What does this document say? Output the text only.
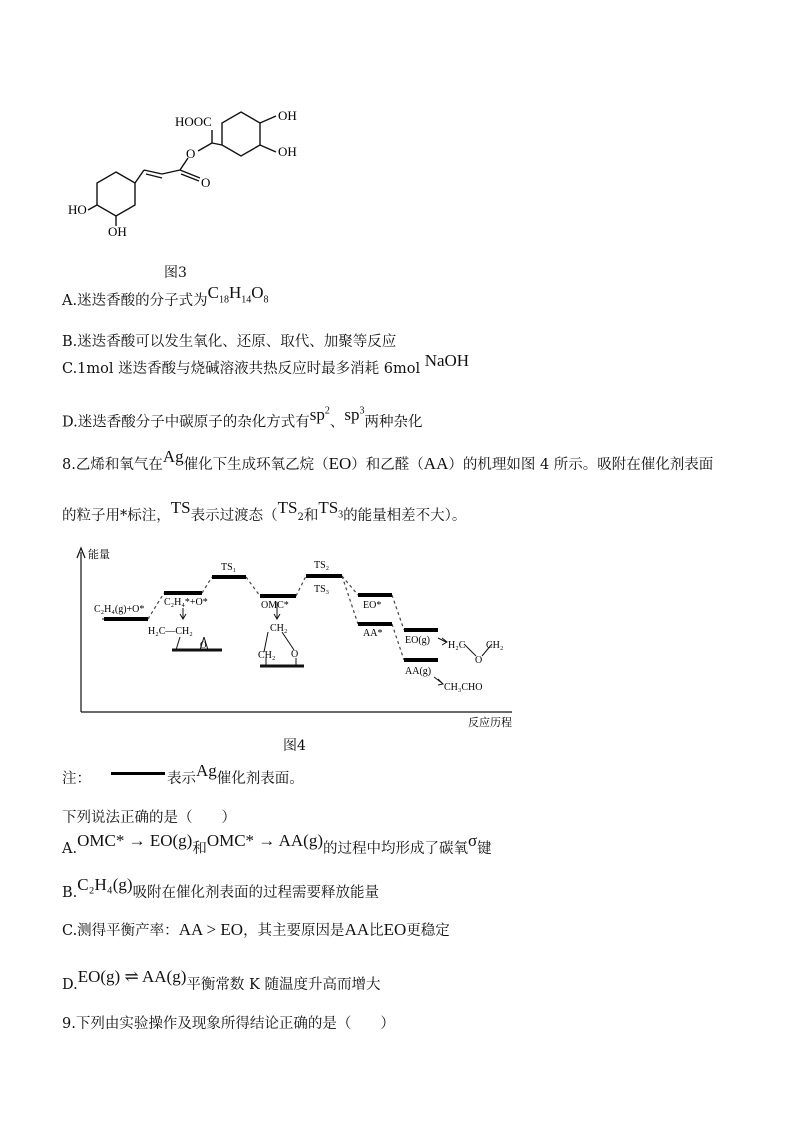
HOOC	OH
OH
O
O
HO
OH
图3
A.迷迭香酸的分子式为$C_{18}H_{14}O_8$
B.迷迭香酸可以发生氧化、还原、取代、加聚等反应
C.1mol 迷迭香酸与烧碱溶液共热反应时最多消耗 6mol NaOH
D.迷迭香酸分子中碳原子的杂化方式有$sp^2$、$sp^3$两种杂化
8.乙烯和氧气在Ag催化下生成环氧乙烷（EO）和乙醛（AA）的机理如图 4 所示。吸附在催化剂表面
的粒子用*标注，TS表示过渡态（TS2和$TS_3$的能量相差不大）。
能量
反应历程
C₂H₄(g)+O*
C₂H₄*+O*
TS₁
OMC*
TS₂
TS₃
EO*
AA*
EO(g)
AA(g)
H₂C—CH₂
O
CH₂
CH₂ O
H₂C
O
CH₂
CH₃CHO
图4
注：	表示Ag催化剂表面。
下列说法正确的是（　　）
A.OMC* → EO(g)和OMC* → AA(g)的过程中均形成了碳氧σ键
B.C₂H₄(g)吸附在催化剂表面的过程需要释放能量
C.测得平衡产率：AA > EO，其主要原因是AA比EO更稳定
D.EO(g) ⇌ AA(g)平衡常数 K 随温度升高而增大
9.下列由实验操作及现象所得结论正确的是（　　）
